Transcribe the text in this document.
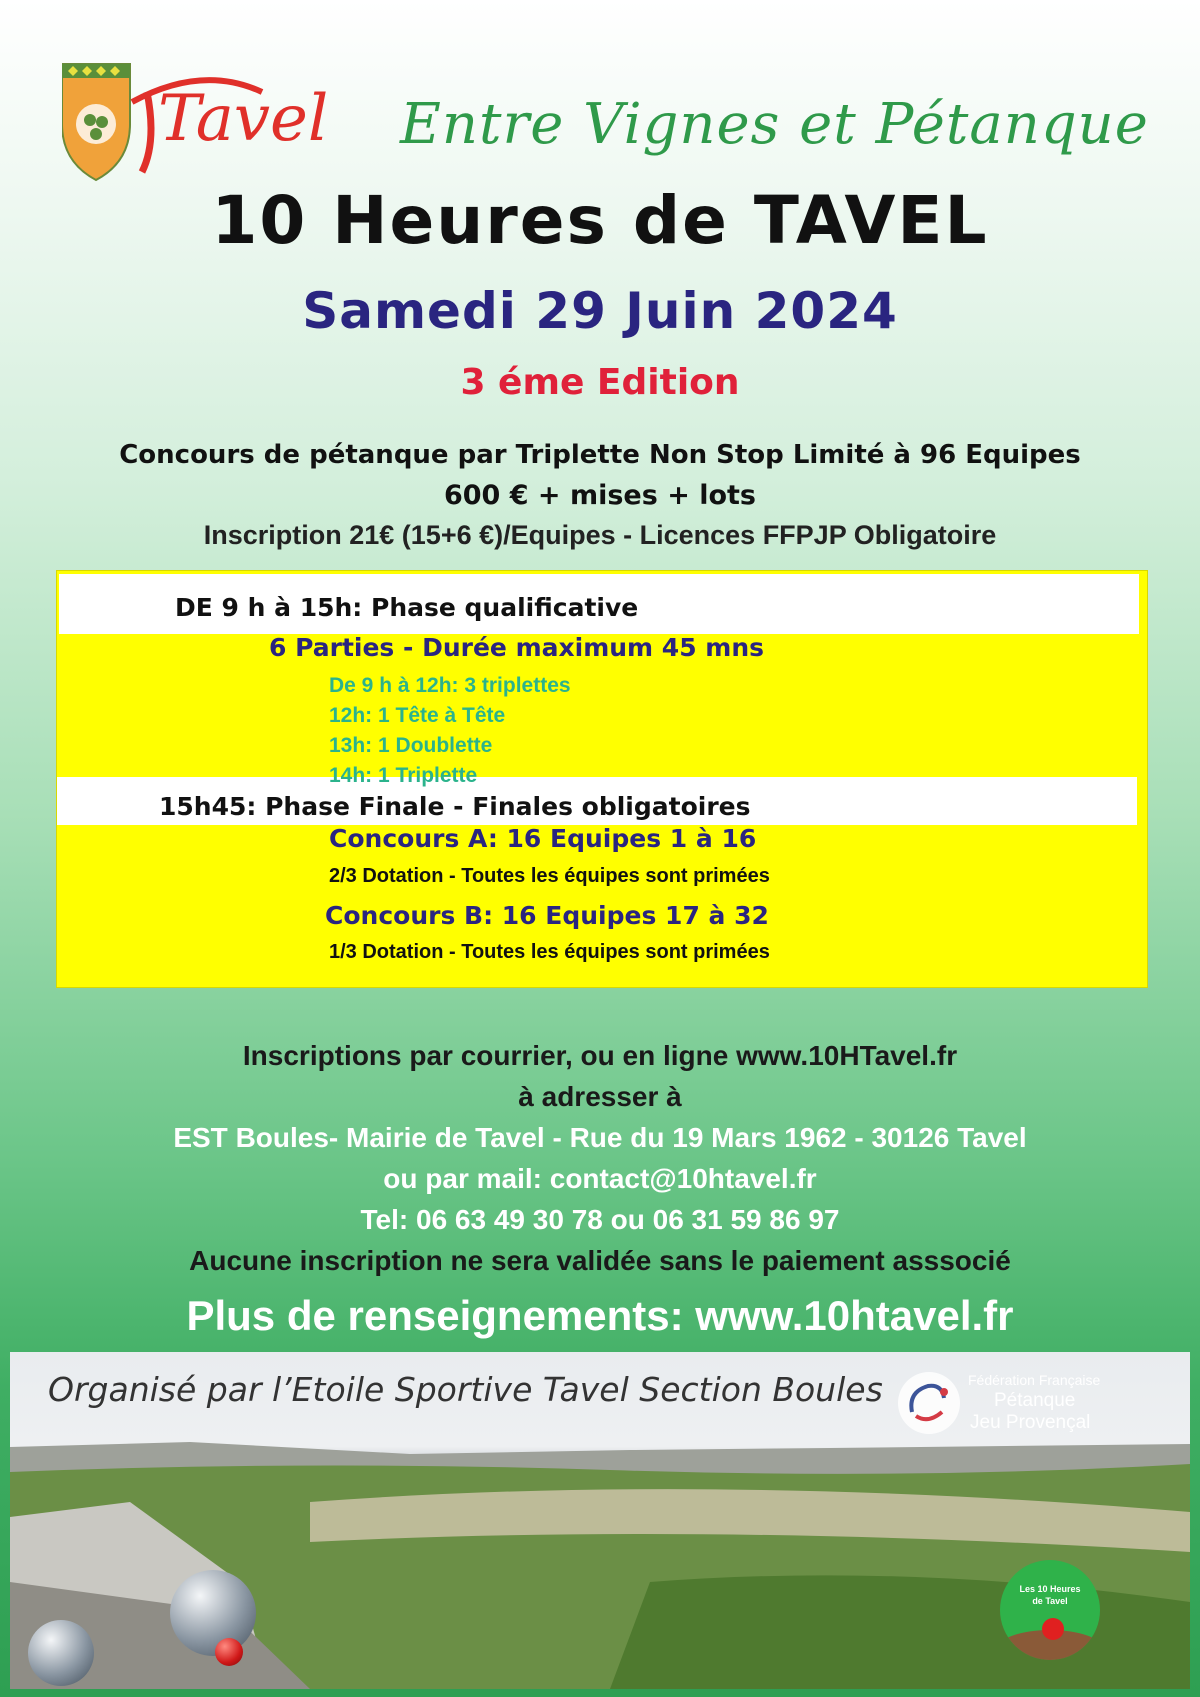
Tavel Entre Vignes et Pétanque
10 Heures de TAVEL
Samedi 29 Juin 2024
3 éme Edition
Concours de pétanque par Triplette Non Stop Limité à 96 Equipes
600 € + mises + lots
Inscription 21€ (15+6 €)/Equipes - Licences FFPJP Obligatoire
DE 9 h à 15h: Phase qualificative
6 Parties - Durée maximum 45 mns
De 9 h à 12h: 3 triplettes
12h: 1 Tête à Tête
13h: 1 Doublette
14h: 1 Triplette
15h45: Phase Finale - Finales obligatoires
Concours A: 16 Equipes 1 à 16
2/3 Dotation - Toutes les équipes sont primées
Concours B: 16 Equipes 17 à 32
1/3 Dotation - Toutes les équipes sont primées
Inscriptions par courrier, ou en ligne www.10HTavel.fr
à adresser à
EST Boules- Mairie de Tavel - Rue du 19 Mars 1962 - 30126 Tavel
ou par mail: contact@10htavel.fr
Tel: 06 63 49 30 78 ou 06 31 59 86 97
Aucune inscription ne sera validée sans le paiement asssocié
Plus de renseignements: www.10htavel.fr
Organisé par l’Etoile Sportive Tavel Section Boules	Fédération Française
Pétanque
Jeu Provençal
Les 10 Heures
de Tavel
